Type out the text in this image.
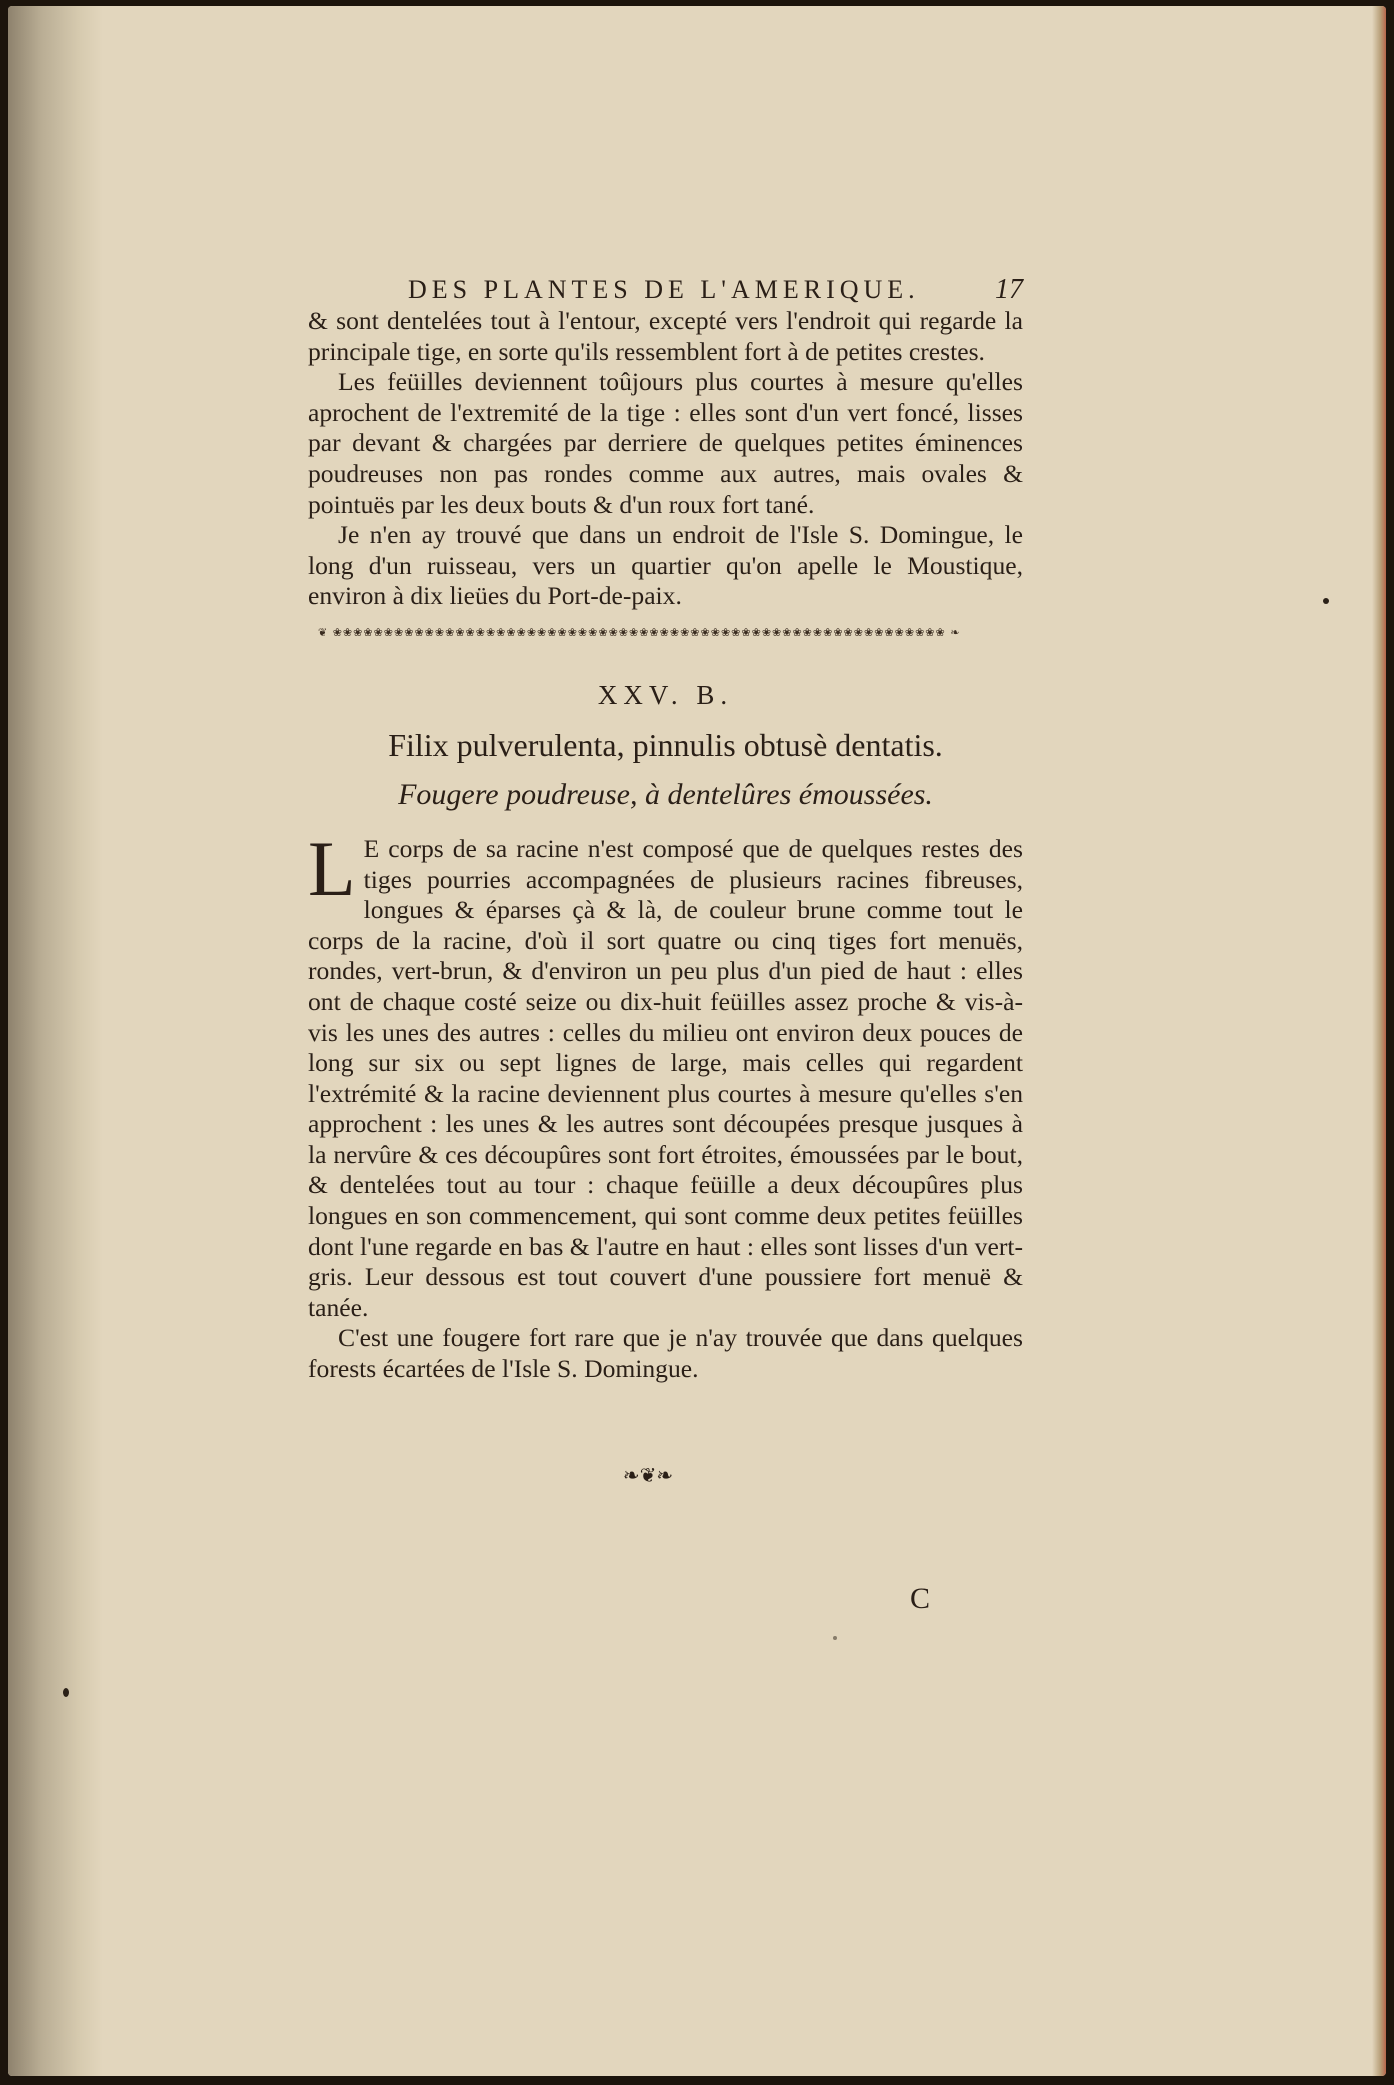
DES PLANTES DE L'AMERIQUE.	17

& sont dentelées tout à l'entour, excepté vers l'endroit qui regarde la principale tige, en sorte qu'ils ressemblent fort à de petites crestes.

Les feüilles deviennent toûjours plus courtes à mesure qu'elles aprochent de l'extremité de la tige : elles sont d'un vert foncé, lisses par devant & chargées par derriere de quelques petites éminences poudreuses non pas rondes comme aux autres, mais ovales & pointuës par les deux bouts & d'un roux fort tané.

Je n'en ay trouvé que dans un endroit de l'Isle S. Domingue, le long d'un ruisseau, vers un quartier qu'on apelle le Moustique, environ à dix lieües du Port-de-paix.

❦ ❀❀❀❀❀❀❀❀❀❀❀❀❀❀❀❀❀❀❀❀❀❀❀❀❀❀❀❀❀❀❀❀❀❀❀❀❀❀❀❀❀❀❀❀❀❀❀❀❀❀❀❀❀❀❀❀❀❀❀❀ ❧
XXV. B.
Filix pulverulenta, pinnulis obtusè dentatis.
Fougere poudreuse, à dentelûres émoussées.

L E corps de sa racine n'est composé que de quelques restes des tiges pourries accompagnées de plusieurs racines fibreuses, longues & éparses çà & là, de couleur brune comme tout le corps de la racine, d'où il sort quatre ou cinq tiges fort menuës, rondes, vert-brun, & d'environ un peu plus d'un pied de haut : elles ont de chaque costé seize ou dix-huit feüilles assez proche & vis-à-vis les unes des autres : celles du milieu ont environ deux pouces de long sur six ou sept lignes de large, mais celles qui regardent l'extrémité & la racine deviennent plus courtes à mesure qu'elles s'en approchent : les unes & les autres sont découpées presque jusques à la nervûre & ces découpûres sont fort étroites, émoussées par le bout, & dentelées tout au tour : chaque feüille a deux découpûres plus longues en son commencement, qui sont comme deux petites feüilles dont l'une regarde en bas & l'autre en haut : elles sont lisses d'un vert-gris. Leur dessous est tout couvert d'une poussiere fort menuë & tanée.

C'est une fougere fort rare que je n'ay trouvée que dans quelques forests écartées de l'Isle S. Domingue.

❧❦❧
C
